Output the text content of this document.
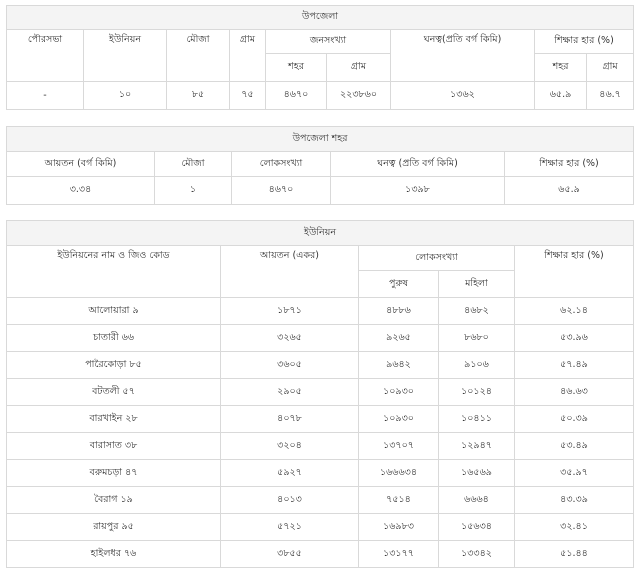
উপজেলা								
পৌরসভা	ইউনিয়ন	মৌজা	গ্রাম	জনসংখ্যা		ঘনত্ব(প্রতি বর্গ কিমি)	শিক্ষার হার (%)	
				শহর	গ্রাম		শহর	গ্রাম
-	১০	৮৫	৭৫	৪৬৭০	২২৩৮৬০	১৩৬২	৬৫.৯	৪৬.৭
উপজেলা শহর				
আয়তন (বর্গ কিমি)	মৌজা	লোকসংখ্যা	ঘনত্ব (প্রতি বর্গ কিমি)	শিক্ষার হার (%)
৩.৩৪	১	৪৬৭০	১৩৯৮	৬৫.৯
ইউনিয়ন				
ইউনিয়নের নাম ও জিও কোড	আয়তন (একর)	লোকসংখ্যা		শিক্ষার হার (%)
		পুরুষ	মহিলা	
আলোয়ারা ৯	১৮৭১	৪৮৮৬	৪৬৮২	৬২.১৪
চাতারী ৬৬	৩২৬৫	৯২৬৫	৮৬৮০	৫৩.৯৬
পারৈকোড়া ৮৫	৩৬০৫	৯৬৪২	৯১০৬	৫৭.৪৯
বটতলী ৫৭	২৯০৫	১০৯৩০	১০১২৪	৪৬.৬৩
বারখাইন ২৮	৪০৭৮	১০৯৩০	১০৪১১	৫০.৩৯
বারাসাত ৩৮	৩২০৪	১৩৭০৭	১২৯৪৭	৫৩.৪৯
বরুমচড়া ৪৭	৫৯২৭	১৬৬৬৩৪	১৬৫৬৯	৩৫.৯৭
বৈরাগ ১৯	৪০১৩	৭৫১৪	৬৬৬৪	৪৩.৩৯
রায়পুর ৯৫	৫৭২১	১৬৯৮৩	১৫৬৩৪	৩২.৪১
হাইলধর ৭৬	৩৮৫৫	১৩১৭৭	১৩৩৪২	৫১.৪৪
